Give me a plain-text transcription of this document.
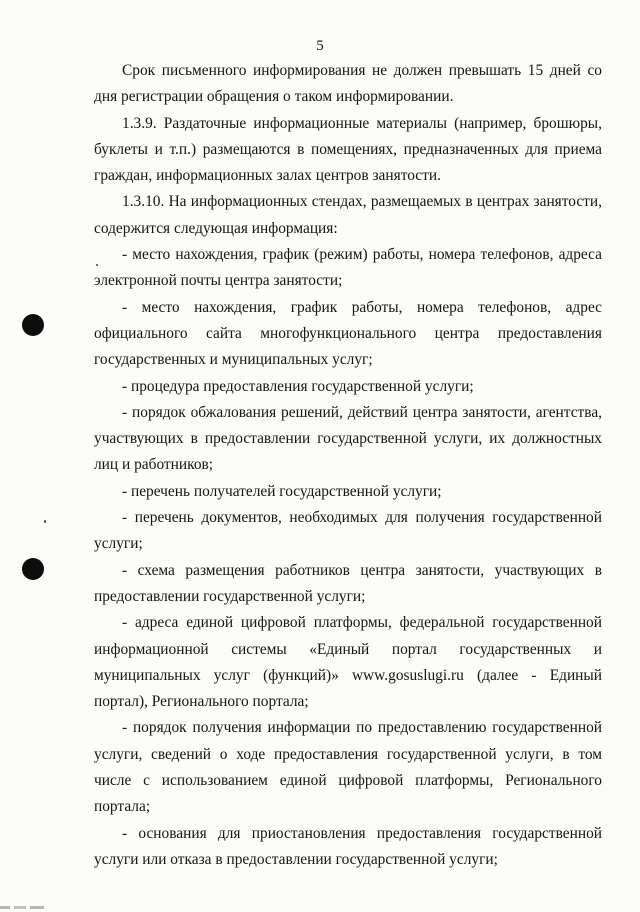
5

Срок письменного информирования не должен превышать 15 дней со дня регистрации обращения о таком информировании.

1.3.9. Раздаточные информационные материалы (например, брошюры, буклеты и т.п.) размещаются в помещениях, предназначенных для приема граждан, информационных залах центров занятости.

1.3.10. На информационных стендах, размещаемых в центрах занятости, содержится следующая информация:

- место нахождения, график (режим) работы, номера телефонов, адреса электронной почты центра занятости;

- место нахождения, график работы, номера телефонов, адрес официального сайта многофункционального центра предоставления государственных и муниципальных услуг;

- процедура предоставления государственной услуги;

- порядок обжалования решений, действий центра занятости, агентства, участвующих в предоставлении государственной услуги, их должностных лиц и работников;

- перечень получателей государственной услуги;

- перечень документов, необходимых для получения государственной услуги;

- схема размещения работников центра занятости, участвующих в предоставлении государственной услуги;

- адреса единой цифровой платформы, федеральной государственной информационной системы «Единый портал государственных и муниципальных услуг (функций)» www.gosuslugi.ru (далее - Единый портал), Регионального портала;

- порядок получения информации по предоставлению государственной услуги, сведений о ходе предоставления государственной услуги, в том числе с использованием единой цифровой платформы, Регионального портала;

- основания для приостановления предоставления государственной услуги или отказа в предоставлении государственной услуги;
